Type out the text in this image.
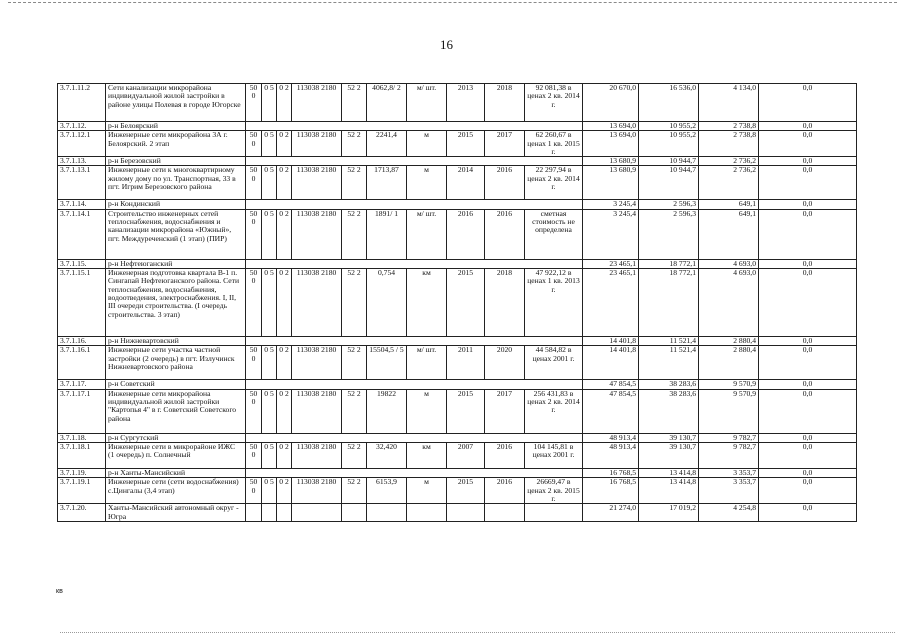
16
3.7.1.11.2	Сети канализации микрорайона индивидуальной жилой застройки в районе улицы Полевая в городе Югорске	50 0	0 5	0 2	113038 2180	52 2	4062,8/ 2	м/ шт.	2013	2018	92 081,38 в ценах 2 кв. 2014 г.	20 670,0	16 536,0	4 134,0	0,0
3.7.1.12.	р-н Белоярский											13 694,0	10 955,2	2 738,8	0,0
3.7.1.12.1	Инженерные сети микрорайона 3А г. Белоярский. 2 этап	50 0	0 5	0 2	113038 2180	52 2	2241,4	м	2015	2017	62 260,67 в ценах 1 кв. 2015 г.	13 694,0	10 955,2	2 738,8	0,0
3.7.1.13.	р-н Березовский											13 680,9	10 944,7	2 736,2	0,0
3.7.1.13.1	Инженерные сети к многоквартирному жилому дому по ул. Транспортная, 33 в пгт. Игрим Березовского района	50 0	0 5	0 2	113038 2180	52 2	1713,87	м	2014	2016	22 297,94 в ценах 2 кв. 2014 г.	13 680,9	10 944,7	2 736,2	0,0
3.7.1.14.	р-н Кондинский											3 245,4	2 596,3	649,1	0,0
3.7.1.14.1	Строительство инженерных сетей теплоснабжения, водоснабжения и канализации микрорайона «Южный», пгт. Междуреченский (1 этап) (ПИР)	50 0	0 5	0 2	113038 2180	52 2	1891/ 1	м/ шт.	2016	2016	сметная стоимость не определена	3 245,4	2 596,3	649,1	0,0
3.7.1.15.	р-н Нефтеюганский											23 465,1	18 772,1	4 693,0	0,0
3.7.1.15.1	Инженерная подготовка квартала В-1 п. Сингапай Нефтеюганского района. Сети теплоснабжения, водоснабжения, водоотведения, электроснабжения. I, II, III очереди строительства. (I очередь строительства. 3 этап)	50 0	0 5	0 2	113038 2180	52 2	0,754	км	2015	2018	47 922,12 в ценах 1 кв. 2013 г.	23 465,1	18 772,1	4 693,0	0,0
3.7.1.16.	р-н Нижневартовский											14 401,8	11 521,4	2 880,4	0,0
3.7.1.16.1	Инженерные сети участка частной застройки (2 очередь) в пгт. Излучинск Нижневартовского района	50 0	0 5	0 2	113038 2180	52 2	15504,5 / 5	м/ шт.	2011	2020	44 584,82 в ценах 2001 г.	14 401,8	11 521,4	2 880,4	0,0
3.7.1.17.	р-н Советский											47 854,5	38 283,6	9 570,9	0,0
3.7.1.17.1	Инженерные сети микрорайона индивидуальной жилой застройки "Картопья 4" в г. Советский Советского района	50 0	0 5	0 2	113038 2180	52 2	19822	м	2015	2017	256 431,83 в ценах 2 кв. 2014 г.	47 854,5	38 283,6	9 570,9	0,0
3.7.1.18.	р-н Сургутский											48 913,4	39 130,7	9 782,7	0,0
3.7.1.18.1	Инженерные сети в микрорайоне ИЖС (1 очередь) п. Солнечный	50 0	0 5	0 2	113038 2180	52 2	32,420	км	2007	2016	104 145,81 в ценах 2001 г.	48 913,4	39 130,7	9 782,7	0,0
3.7.1.19.	р-н Ханты-Мансийский											16 768,5	13 414,8	3 353,7	0,0
3.7.1.19.1	Инженерные сети (сети водоснабжения) с.Цингалы (3,4 этап)	50 0	0 5	0 2	113038 2180	52 2	6153,9	м	2015	2016	26669,47 в ценах 2 кв. 2015 г.	16 768,5	13 414,8	3 353,7	0,0
3.7.1.20.	Ханты-Мансийский автономный округ - Югра											21 274,0	17 019,2	4 254,8	0,0
кв
